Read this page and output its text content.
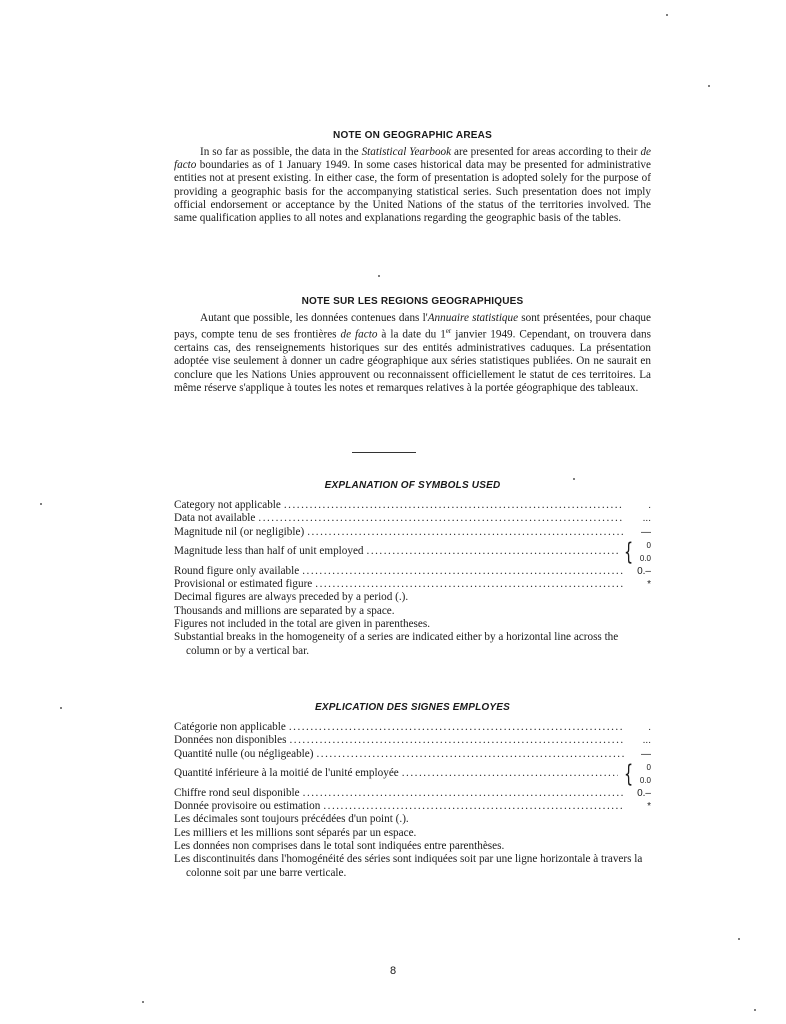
NOTE ON GEOGRAPHIC AREAS

In so far as possible, the data in the Statistical Yearbook are presented for areas according to their de facto boundaries as of 1 January 1949. In some cases historical data may be presented for administrative entities not at present existing. In either case, the form of presentation is adopted solely for the purpose of providing a geographic basis for the accompanying statistical series. Such presentation does not imply official endorsement or acceptance by the United Nations of the status of the territories involved. The same qualification applies to all notes and explanations regarding the geographic basis of the tables.

NOTE SUR LES REGIONS GEOGRAPHIQUES

Autant que possible, les données contenues dans l'Annuaire statistique sont présentées, pour chaque pays, compte tenu de ses frontières de facto à la date du 1er janvier 1949. Cependant, on trouvera dans certains cas, des renseignements historiques sur des entités administratives caduques. La présentation adoptée vise seulement à donner un cadre géographique aux séries statistiques publiées. On ne saurait en conclure que les Nations Unies approuvent ou reconnaissent officiellement le statut de ces territoires. La même réserve s'applique à toutes les notes et remarques relatives à la portée géographique des tableaux.

EXPLANATION OF SYMBOLS USED
Category not applicable .....	.
Data not available .....	...
Magnitude nil (or negligible) .....	—
Magnitude less than half of unit employed .....	{ 0
0.0
Round figure only available .....	0.–
Provisional or estimated figure .....	*
Decimal figures are always preceded by a period (.).
Thousands and millions are separated by a space.
Figures not included in the total are given in parentheses.
Substantial breaks in the homogeneity of a series are indicated either by a horizontal line across the column or by a vertical bar.
EXPLICATION DES SIGNES EMPLOYES
Catégorie non applicable .....	.
Données non disponibles .....	...
Quantité nulle (ou négligeable) .....	—
Quantité inférieure à la moitié de l'unité employée .....	{ 0
0.0
Chiffre rond seul disponible .....	0.–
Donnée provisoire ou estimation .....	*
Les décimales sont toujours précédées d'un point (.).
Les milliers et les millions sont séparés par un espace.
Les données non comprises dans le total sont indiquées entre parenthèses.
Les discontinuités dans l'homogénéité des séries sont indiquées soit par une ligne horizontale à travers la colonne soit par une barre verticale.
8
